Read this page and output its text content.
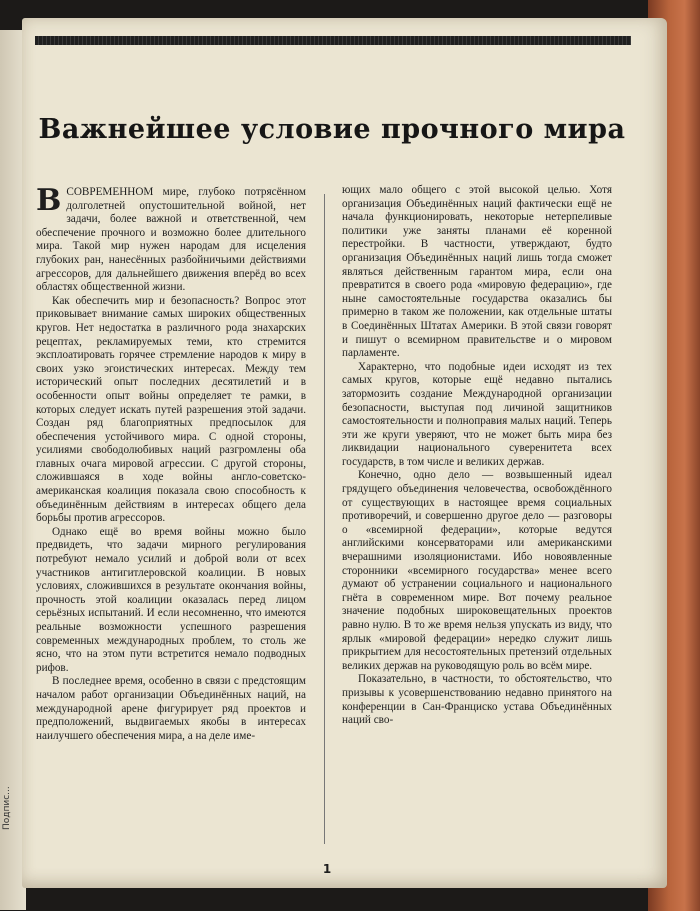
Подпис...
Важнейшее условие прочного мира

ВСОВРЕМЕННОМ мире, глубоко потрясённом долголетней опустошительной войной, нет задачи, более важной и ответственной, чем обеспечение прочного и возможно более длительного мира. Такой мир нужен народам для исцеления глубоких ран, нанесённых разбойничьими действиями агрессоров, для дальнейшего движения вперёд во всех областях общественной жизни.

Как обеспечить мир и безопасность? Вопрос этот приковывает внимание самых широких общественных кругов. Нет недостатка в различного рода знахарских рецептах, рекламируемых теми, кто стремится эксплоатировать горячее стремление народов к миру в своих узко эгоистических интересах. Между тем исторический опыт последних десятилетий и в особенности опыт войны определяет те рамки, в которых следует искать путей разрешения этой задачи. Создан ряд благоприятных предпосылок для обеспечения устойчивого мира. С одной стороны, усилиями свободолюбивых наций разгромлены оба главных очага мировой агрессии. С другой стороны, сложившаяся в ходе войны англо-советско-американская коалиция показала свою способность к объединённым действиям в интересах общего дела борьбы против агрессоров.

Однако ещё во время войны можно было предвидеть, что задачи мирного регулирования потребуют немало усилий и доброй воли от всех участников антигитлеровской коалиции. В новых условиях, сложившихся в результате окончания войны, прочность этой коалиции оказалась перед лицом серьёзных испытаний. И если несомненно, что имеются реальные возможности успешного разрешения современных международных проблем, то столь же ясно, что на этом пути встретится немало подводных рифов.

В последнее время, особенно в связи с предстоящим началом работ организации Объединённых наций, на международной арене фигурирует ряд проектов и предположений, выдвигаемых якобы в интересах наилучшего обеспечения мира, а на деле име-

ющих мало общего с этой высокой целью. Хотя организация Объединённых наций фактически ещё не начала функционировать, некоторые нетерпеливые политики уже заняты планами её коренной перестройки. В частности, утверждают, будто организация Объединённых наций лишь тогда сможет являться действенным гарантом мира, если она превратится в своего рода «мировую федерацию», где ныне самостоятельные государства оказались бы примерно в таком же положении, как отдельные штаты в Соединённых Штатах Америки. В этой связи говорят и пишут о всемирном правительстве и о мировом парламенте.

Характерно, что подобные идеи исходят из тех самых кругов, которые ещё недавно пытались затормозить создание Международной организации безопасности, выступая под личиной защитников самостоятельности и полноправия малых наций. Теперь эти же круги уверяют, что не может быть мира без ликвидации национального суверенитета всех государств, в том числе и великих держав.

Конечно, одно дело — возвышенный идеал грядущего объединения человечества, освобождённого от существующих в настоящее время социальных противоречий, и совершенно другое дело — разговоры о «всемирной федерации», которые ведутся английскими консерваторами или американскими вчерашними изоляционистами. Ибо новоявленные сторонники «всемирного государства» менее всего думают об устранении социального и национального гнёта в современном мире. Вот почему реальное значение подобных широковещательных проектов равно нулю. В то же время нельзя упускать из виду, что ярлык «мировой федерации» нередко служит лишь прикрытием для несостоятельных претензий отдельных великих держав на руководящую роль во всём мире.

Показательно, в частности, то обстоятельство, что призывы к усовершенствованию недавно принятого на конференции в Сан-Франциско устава Объединённых наций сво-

1
